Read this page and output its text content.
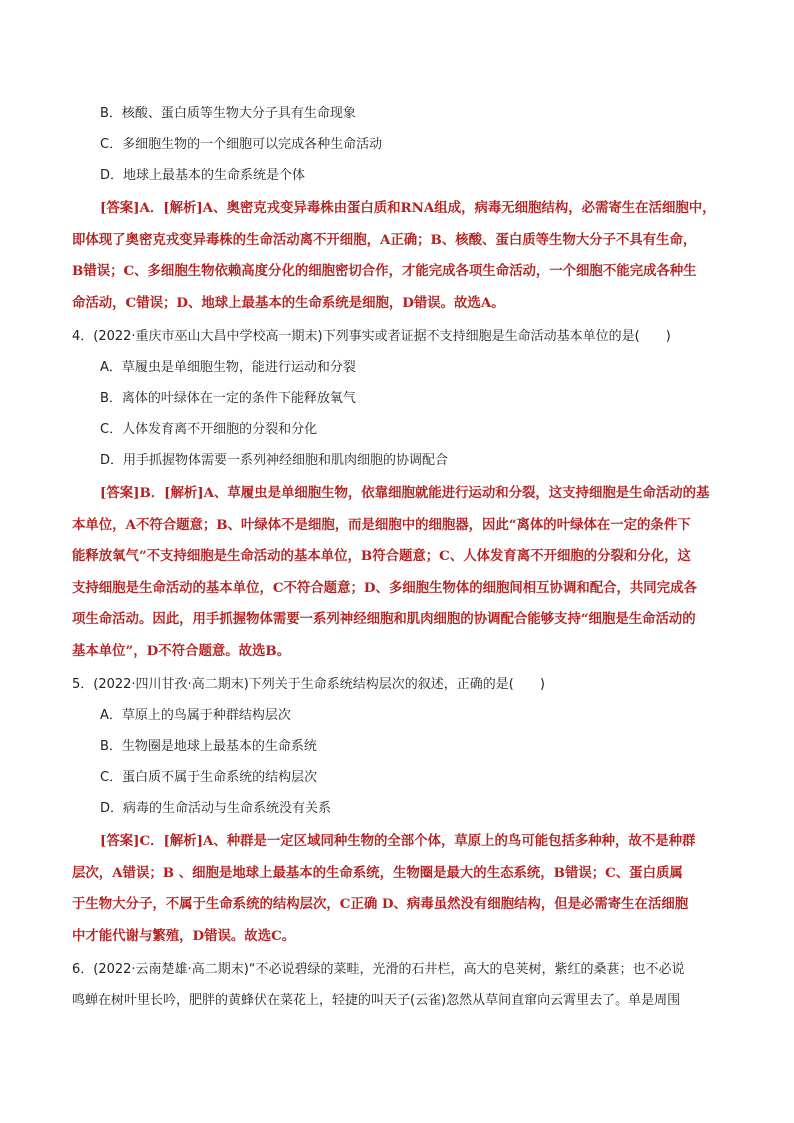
B．核酸、蛋白质等生物大分子具有生命现象
C．多细胞生物的一个细胞可以完成各种生命活动
D．地球上最基本的生命系统是个体
[答案]A．[解析]A、奥密克戎变异毒株由蛋白质和RNA组成，病毒无细胞结构，必需寄生在活细胞中，
即体现了奥密克戎变异毒株的生命活动离不开细胞，A正确；B、核酸、蛋白质等生物大分子不具有生命，
B错误；C、多细胞生物依赖高度分化的细胞密切合作，才能完成各项生命活动，一个细胞不能完成各种生
命活动，C错误；D、地球上最基本的生命系统是细胞，D错误。故选A。
4．(2022·重庆市巫山大昌中学校高一期末)下列事实或者证据不支持细胞是生命活动基本单位的是( )
A．草履虫是单细胞生物，能进行运动和分裂
B．离体的叶绿体在一定的条件下能释放氧气
C．人体发育离不开细胞的分裂和分化
D．用手抓握物体需要一系列神经细胞和肌肉细胞的协调配合
[答案]B．[解析]A、草履虫是单细胞生物，依靠细胞就能进行运动和分裂，这支持细胞是生命活动的基
本单位，A不符合题意；B、叶绿体不是细胞，而是细胞中的细胞器，因此“离体的叶绿体在一定的条件下
能释放氧气”不支持细胞是生命活动的基本单位，B符合题意；C、人体发育离不开细胞的分裂和分化，这
支持细胞是生命活动的基本单位，C不符合题意；D、多细胞生物体的细胞间相互协调和配合，共同完成各
项生命活动。因此，用手抓握物体需要一系列神经细胞和肌肉细胞的协调配合能够支持“细胞是生命活动的
基本单位”，D不符合题意。故选B。
5．(2022·四川甘孜·高二期末)下列关于生命系统结构层次的叙述，正确的是( )
A．草原上的鸟属于种群结构层次
B．生物圈是地球上最基本的生命系统
C．蛋白质不属于生命系统的结构层次
D．病毒的生命活动与生命系统没有关系
[答案]C．[解析]A、种群是一定区域同种生物的全部个体，草原上的鸟可能包括多种种，故不是种群
层次，A错误；B 、细胞是地球上最基本的生命系统，生物圈是最大的生态系统，B错误；C、蛋白质属
于生物大分子，不属于生命系统的结构层次，C正确 D、病毒虽然没有细胞结构，但是必需寄生在活细胞
中才能代谢与繁殖，D错误。故选C。
6．(2022·云南楚雄·高二期末)“不必说碧绿的菜畦，光滑的石井栏，高大的皂荚树，紫红的桑葚；也不必说
鸣蝉在树叶里长吟，肥胖的黄蜂伏在菜花上，轻捷的叫天子(云雀)忽然从草间直窜向云霄里去了。单是周围
